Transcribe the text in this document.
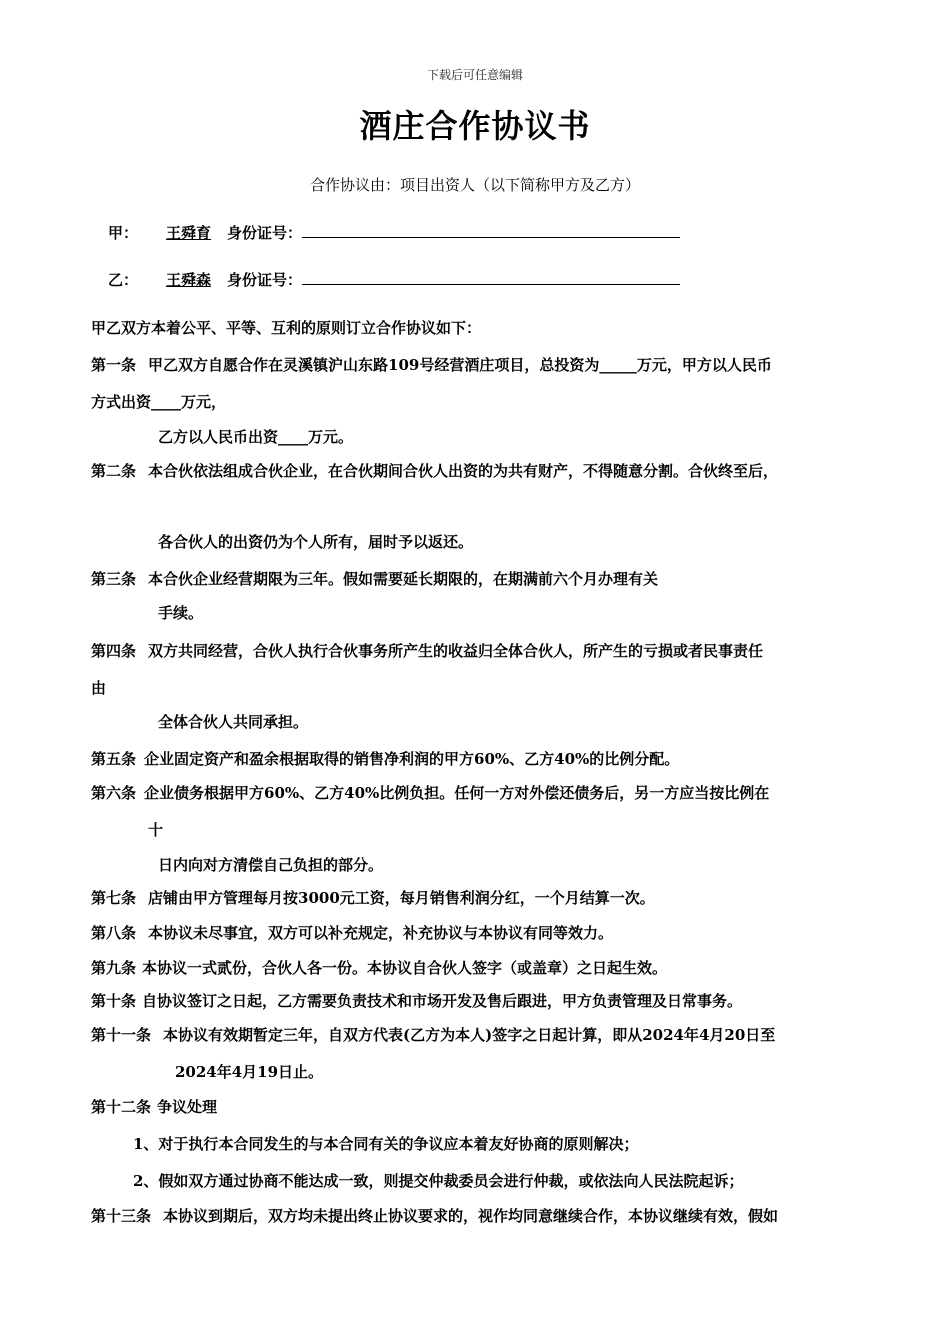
下载后可任意编辑
酒庄合作协议书
合作协议由：项目出资人（以下简称甲方及乙方）
甲： 王舜育 身份证号：
乙： 王舜森 身份证号：
甲乙双方本着公平、平等、互利的原则订立合作协议如下：
第一条 甲乙双方自愿合作在灵溪镇沪山东路109号经营酒庄项目，总投资为_____万元，甲方以人民币
方式出资____万元，
乙方以人民币出资____万元。
第二条 本合伙依法组成合伙企业，在合伙期间合伙人出资的为共有财产，不得随意分割。合伙终至后，
各合伙人的出资仍为个人所有，届时予以返还。
第三条 本合伙企业经营期限为三年。假如需要延长期限的，在期满前六个月办理有关
手续。
第四条 双方共同经营，合伙人执行合伙事务所产生的收益归全体合伙人，所产生的亏损或者民事责任
由
全体合伙人共同承担。
第五条 企业固定资产和盈余根据取得的销售净利润的甲方60%、乙方40%的比例分配。
第六条 企业债务根据甲方60%、乙方40%比例负担。任何一方对外偿还债务后，另一方应当按比例在
十
日内向对方清偿自己负担的部分。
第七条 店铺由甲方管理每月按3000元工资，每月销售利润分红，一个月结算一次。
第八条 本协议未尽事宜，双方可以补充规定，补充协议与本协议有同等效力。
第九条 本协议一式贰份，合伙人各一份。本协议自合伙人签字（或盖章）之日起生效。
第十条 自协议签订之日起，乙方需要负责技术和市场开发及售后跟进，甲方负责管理及日常事务。
第十一条 本协议有效期暂定三年，自双方代表(乙方为本人)签字之日起计算，即从2024年4月20日至
2024年4月19日止。
第十二条 争议处理
1、对于执行本合同发生的与本合同有关的争议应本着友好协商的原则解决；
2、假如双方通过协商不能达成一致，则提交仲裁委员会进行仲裁，或依法向人民法院起诉；
第十三条 本协议到期后，双方均未提出终止协议要求的，视作均同意继续合作，本协议继续有效，假如
